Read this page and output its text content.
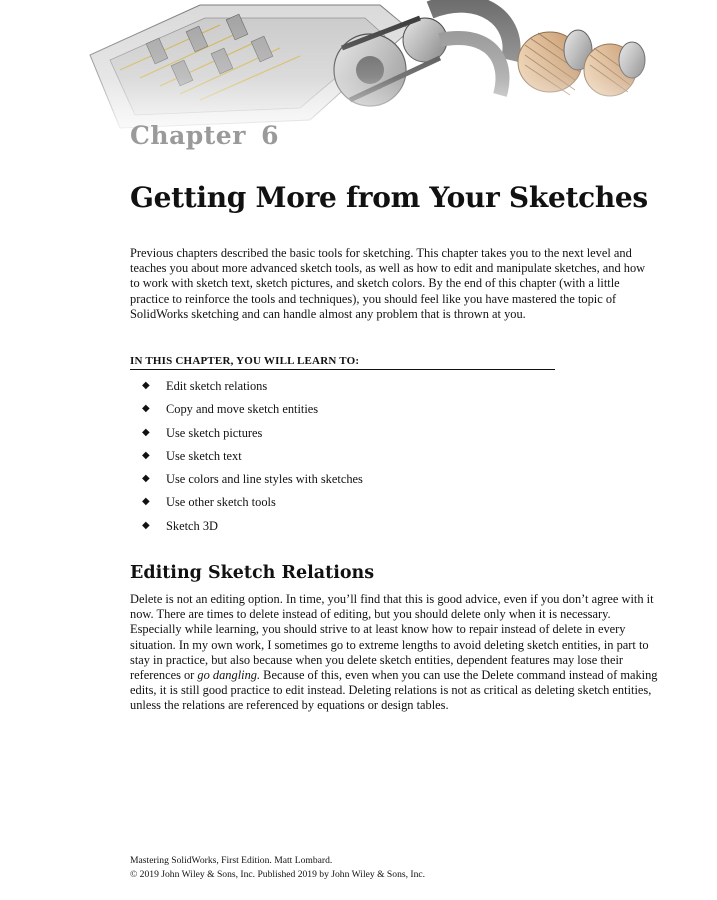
Chapter 6
Getting More from Your Sketches

Previous chapters described the basic tools for sketching. This chapter takes you to the next level and teaches you about more advanced sketch tools, as well as how to edit and manipulate sketches, and how to work with sketch text, sketch pictures, and sketch colors. By the end of this chapter (with a little practice to reinforce the tools and techniques), you should feel like you have mastered the topic of SolidWorks sketching and can handle almost any problem that is thrown at you.

IN THIS CHAPTER, YOU WILL LEARN TO:
◆	Edit sketch relations
◆	Copy and move sketch entities
◆	Use sketch pictures
◆	Use sketch text
◆	Use colors and line styles with sketches
◆	Use other sketch tools
◆	Sketch 3D
Editing Sketch Relations

Delete is not an editing option. In time, you’ll find that this is good advice, even if you don’t agree with it now. There are times to delete instead of editing, but you should delete only when it is necessary. Especially while learning, you should strive to at least know how to repair instead of delete in every situation. In my own work, I sometimes go to extreme lengths to avoid deleting sketch entities, in part to stay in practice, but also because when you delete sketch entities, dependent features may lose their references or go dangling. Because of this, even when you can use the Delete command instead of making edits, it is still good practice to edit instead. Deleting relations is not as critical as deleting sketch entities, unless the relations are referenced by equations or design tables.

Mastering SolidWorks, First Edition. Matt Lombard.
© 2019 John Wiley & Sons, Inc. Published 2019 by John Wiley & Sons, Inc.
